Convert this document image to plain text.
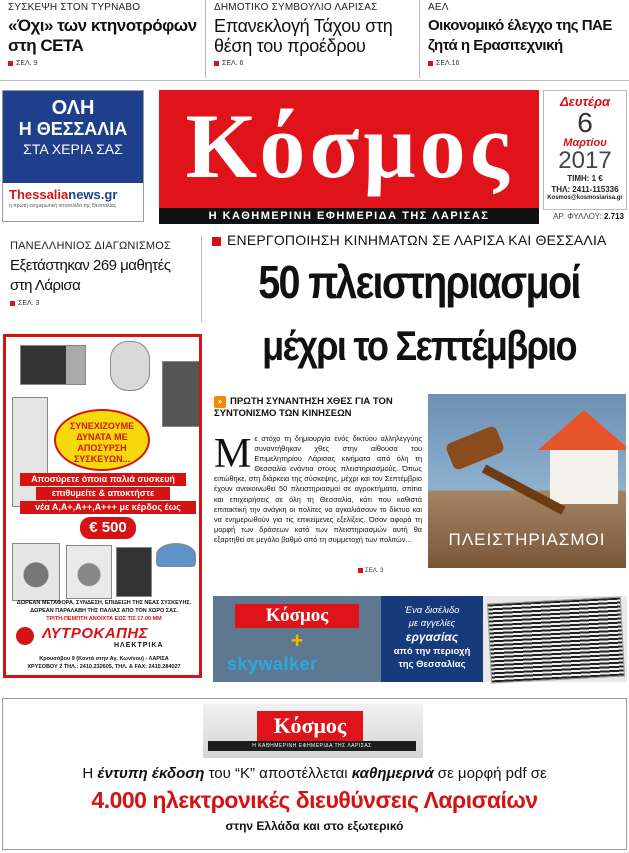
ΣΥΣΚΕΨΗ ΣΤΟΝ ΤΥΡΝΑΒΟ
«Όχι» των κτηνοτρόφων στη CETA
ΣΕΛ. 9
ΔΗΜΟΤΙΚΟ ΣΥΜΒΟΥΛΙΟ ΛΑΡΙΣΑΣ
Επανεκλογή Τάχου στη θέση του προέδρου
ΣΕΛ. 6
ΑΕΛ
Οικονομικό έλεγχο της ΠΑΕ ζητά η Ερασιτεχνική
ΣΕΛ.16
ΟΛΗ
Η ΘΕΣΣΑΛΙΑ
ΣΤΑ ΧΕΡΙΑ ΣΑΣ
Thessalianews.gr
η πρώτη ενημερωτική ιστοσελίδα της Θεσσαλίας
Κόσμος
Η ΚΑΘΗΜΕΡΙΝΗ ΕΦΗΜΕΡΙΔΑ ΤΗΣ ΛΑΡΙΣΑΣ
Δευτέρα
6
Μαρτίου
2017
ΤΙΜΗ: 1 €
ΤΗΛ: 2411-115336
Kosmos@kosmoslarisa.gr
ΑΡ. ΦΥΛΛΟΥ: 2.713
ΠΑΝΕΛΛΗΝΙΟΣ ΔΙΑΓΩΝΙΣΜΟΣ
Εξετάστηκαν 269 μαθητές στη Λάρισα
ΣΕΛ. 3
ΕΝΕΡΓΟΠΟΙΗΣΗ ΚΙΝΗΜΑΤΩΝ ΣΕ ΛΑΡΙΣΑ ΚΑΙ ΘΕΣΣΑΛΙΑ
50 πλειστηριασμοί
μέχρι το Σεπτέμβριο
ΣΥΝΕΧΙΖΟΥΜΕ ΔΥΝΑΤΑ ΜΕ ΑΠΟΣΥΡΣΗ ΣΥΣΚΕΥΩΝ...
Αποσύρετε όποια παλιά συσκευή
επιθυμείτε & αποκτήστε
νέα Α,Α+,Α++,Α+++ με κέρδος έως
€ 500
ΔΩΡΕΑΝ ΜΕΤΑΦΟΡΑ, ΣΥΝΔΕΣΗ, ΕΠΙΔΕΙΞΗ ΤΗΣ ΝΕΑΣ ΣΥΣΚΕΥΗΣ.
ΔΩΡΕΑΝ ΠΑΡΑΛΑΒΗ ΤΗΣ ΠΑΛΙΑΣ ΑΠΟ ΤΟΝ ΧΩΡΟ ΣΑΣ.
ΤΡΙΤΗ-ΠΕΜΠΤΗ ΑΝΟΙΧΤΑ ΕΩΣ ΤΙΣ 17.00 ΜΜ
ΛΥΤΡΟΚΑΠΗΣ
ΗΛΕΚΤΡΙΚΑ
Κρουσόβου 9 (Κοντά στην Αγ. Κων/νου) - ΛΑΡΙΣΑ
ΧΡΥΣΟΒΟΥ 2 ΤΗΛ.: 2410.232605, ΤΗΛ. & FAX: 2410.284027
» ΠΡΩΤΗ ΣΥΝΑΝΤΗΣΗ ΧΘΕΣ ΓΙΑ ΤΟΝ ΣΥΝΤΟΝΙΣΜΟ ΤΩΝ ΚΙΝΗΣΕΩΝ
Με στόχο τη δημιουργία ενός δικτύου αλληλεγγύης συναντήθηκαν χθες στην αίθουσα του Επιμελητηρίου Λάρισας κινήματα από όλη τη Θεσσαλία ενάντια στους πλειστηριασμούς. Όπως ειπώθηκε, στη διάρκεια της σύσκεψης, μέχρι και τον Σεπτέμβριο έχουν ανακοινωθεί 50 πλειστηριασμοί σε αγροκτήματα, σπίτια και επιχειρήσεις σε όλη τη Θεσσαλία, κάτι που καθιστά επιτακτική την ανάγκη οι πολίτες να αγκαλιάσουν το δίκτυο και να ενημερωθούν για τις επικείμενες εξελίξεις. Όσον αφορά τη μορφή των δράσεων κατά των πλειστηριασμών αυτή θα εξαρτηθεί σε μεγάλο βαθμό από τη συμμετοχή των πολιτών...
ΣΕΛ. 3
ΠΛΕΙΣΤΗΡΙΑΣΜΟΙ
Κόσμος
+
skywalker
Ένα δισέλιδο
με αγγελίες
εργασίας
από την περιοχή
της Θεσσαλίας
Κόσμος
Η ΚΑΘΗΜΕΡΙΝΗ ΕΦΗΜΕΡΙΔΑ ΤΗΣ ΛΑΡΙΣΑΣ
Η έντυπη έκδοση του “Κ” αποστέλλεται καθημερινά σε μορφή pdf σε
4.000 ηλεκτρονικές διευθύνσεις Λαρισαίων
στην Ελλάδα και στο εξωτερικό
